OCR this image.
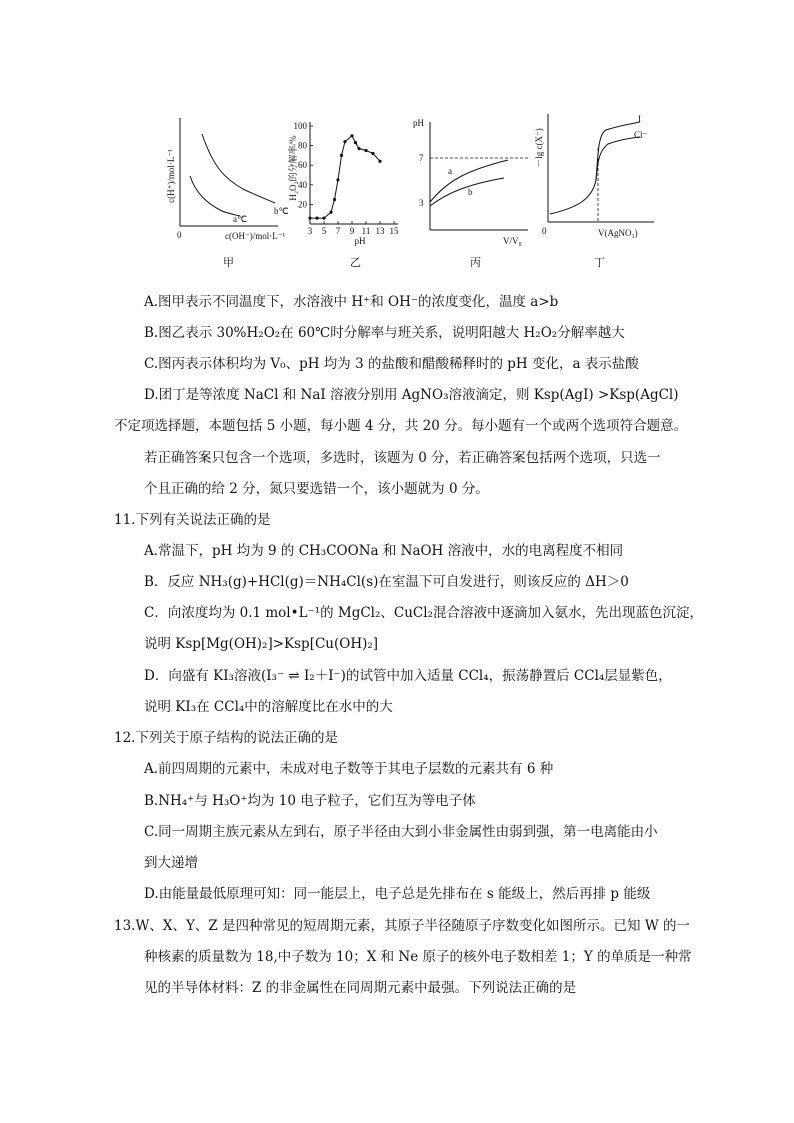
c(H⁺)/mol·L⁻¹
0	c(OH⁻)/mol·L⁻¹
a℃
b℃
甲
H₂O₂的分解率/%
100
80
60
40
20
3 5 7 9 11 13 15
pH
乙
pH
7
3
a
b
V/V₀
丙
－lg c(X⁻)
I
Cl⁻
0	V(AgNO₃)
丁
A.图甲表示不同温度下，水溶液中 H⁺和 OH⁻的浓度变化，温度 a>b
B.图乙表示 30%H₂O₂在 60℃时分解率与班关系，说明阳越大 H₂O₂分解率越大
C.图丙表示体积均为 V₀、pH 均为 3 的盐酸和醋酸稀释时的 pH 变化，a 表示盐酸
D.团丁是等浓度 NaCl 和 NaI 溶液分别用 AgNO₃溶液滴定，则 Ksp(AgI) >Ksp(AgCl)
不定项选择题，本题包括 5 小题，每小题 4 分，共 20 分。每小题有一个或两个选项符合题意。
若正确答案只包含一个选项，多选时，该题为 0 分，若正确答案包括两个选项，只选一
个且正确的给 2 分，氮只要选错一个，该小题就为 0 分。
11.下列有关说法正确的是
A.常温下，pH 均为 9 的 CH₃COONa 和 NaOH 溶液中，水的电离程度不相同
B．反应 NH₃(g)+HCl(g)＝NH₄Cl(s)在室温下可自发进行，则该反应的 ΔH＞0
C．向浓度均为 0.1 mol•L⁻¹的 MgCl₂、CuCl₂混合溶液中逐滴加入氨水，先出现蓝色沉淀，
说明 Ksp[Mg(OH)₂]>Ksp[Cu(OH)₂]
D．向盛有 KI₃溶液(I₃⁻ ⇌ I₂＋I⁻)的试管中加入适量 CCl₄，振荡静置后 CCl₄层显紫色，
说明 KI₃在 CCl₄中的溶解度比在水中的大
12.下列关于原子结构的说法正确的是
A.前四周期的元素中，未成对电子数等于其电子层数的元素共有 6 种
B.NH₄⁺与 H₃O⁺均为 10 电子粒子，它们互为等电子体
C.同一周期主族元素从左到右，原子半径由大到小非金属性由弱到强，第一电离能由小
到大递增
D.由能量最低原理可知：同一能层上，电子总是先排布在 s 能级上，然后再排 p 能级
13.W、X、Y、Z 是四种常见的短周期元素，其原子半径随原子序数变化如图所示。已知 W 的一
种核素的质量数为 18,中子数为 10；X 和 Ne 原子的核外电子数相差 1；Y 的单质是一种常
见的半导体材料：Z 的非金属性在同周期元素中最强。下列说法正确的是
